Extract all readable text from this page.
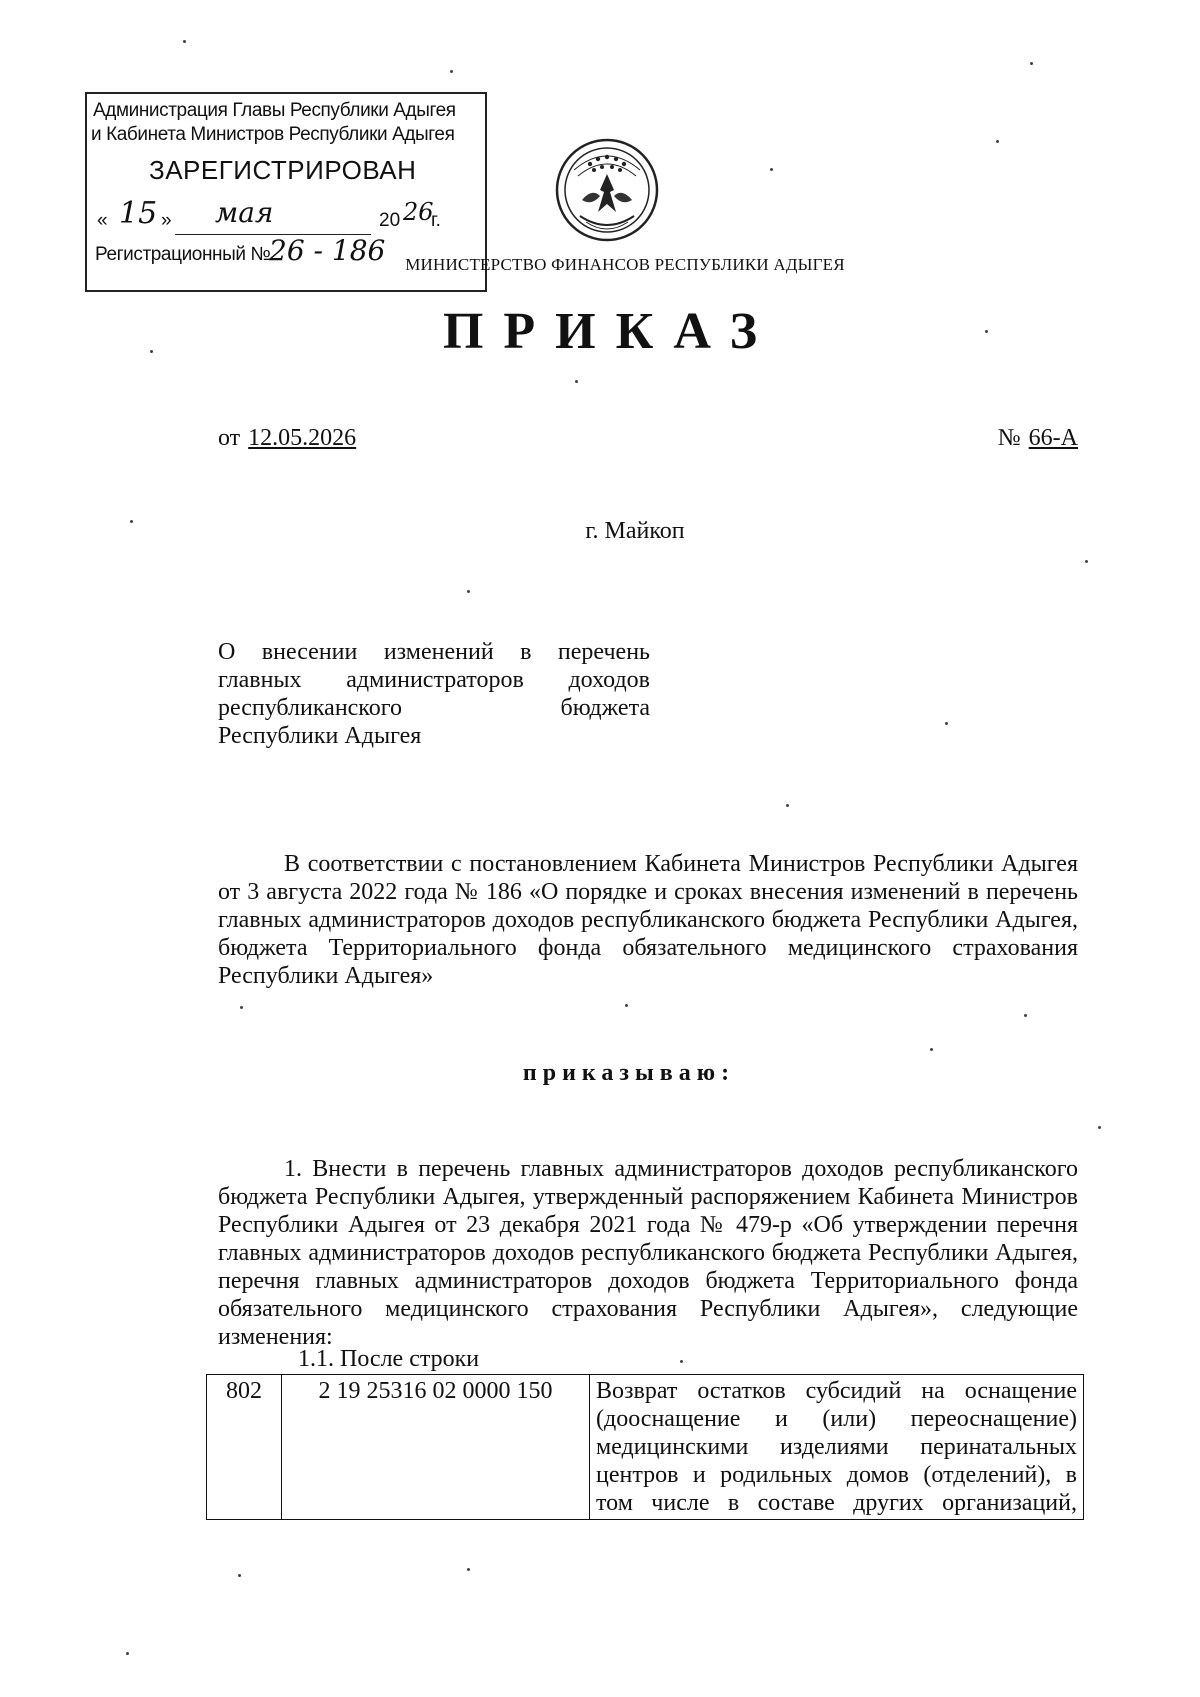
Администрация Главы Республики Адыгея
и Кабинета Министров Республики Адыгея
ЗАРЕГИСТРИРОВАН
« 15 » мая	20 26
г.
Регистрационный №
26 - 186	МИНИСТЕРСТВО ФИНАНСОВ РЕСПУБЛИКИ АДЫГЕЯ
ПРИКАЗ
от 12.05.2026	№ 66-А
г. Майкоп
О внесении изменений в перечень
главных администраторов доходов
республиканского бюджета
Республики Адыгея
В соответствии с постановлением Кабинета Министров Республики Адыгея от 3 августа 2022 года № 186 «О порядке и сроках внесения изменений в перечень главных администраторов доходов республиканского бюджета Республики Адыгея, бюджета Территориального фонда обязательного медицинского страхования Республики Адыгея»
приказываю:
1. Внести в перечень главных администраторов доходов республиканского бюджета Республики Адыгея, утвержденный распоряжением Кабинета Министров Республики Адыгея от 23 декабря 2021 года № 479-р «Об утверждении перечня главных администраторов доходов республиканского бюджета Республики Адыгея, перечня главных администраторов доходов бюджета Территориального фонда обязательного медицинского страхования Республики Адыгея», следующие изменения:
1.1. После строки
802	2 19 25316 02 0000 150	Возврат остатков субсидий на оснащение (дооснащение и (или) переоснащение) медицинскими изделиями перинатальных центров и родильных домов (отделений), в том числе в составе других организаций,
